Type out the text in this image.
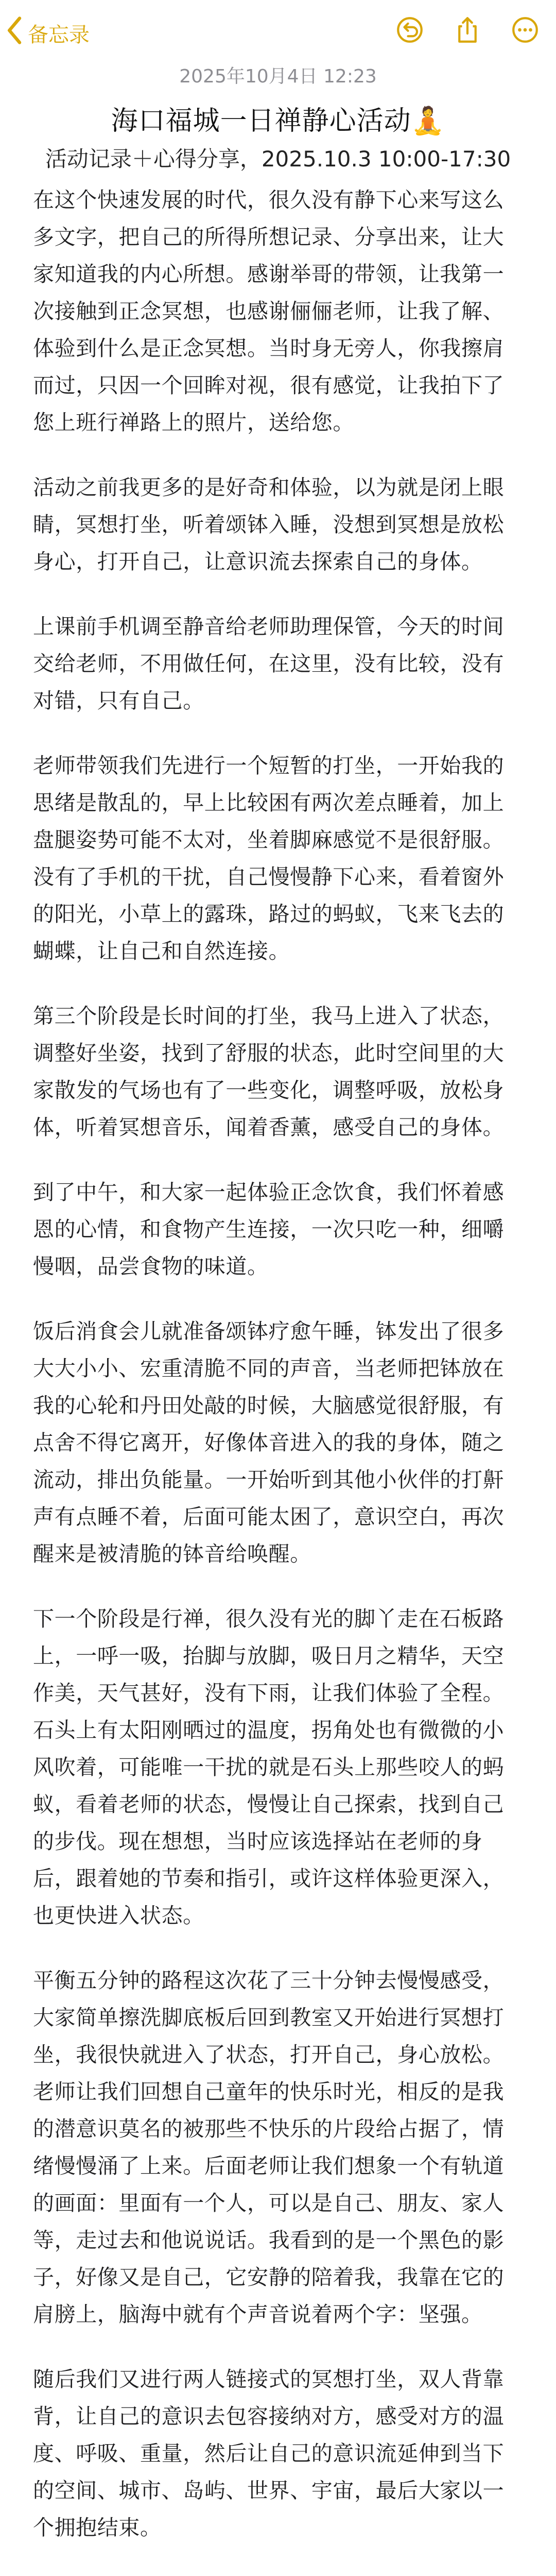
备忘录
2025年10月4日 12:23
海口福城一日禅静心活动🧘
活动记录＋心得分享，2025.10.3 10:00-17:30

在这个快速发展的时代，很久没有静下心来写这么多文字，把自己的所得所想记录、分享出来，让大家知道我的内心所想。感谢举哥的带领，让我第一次接触到正念冥想，也感谢俪俪老师，让我了解、体验到什么是正念冥想。当时身无旁人，你我擦肩而过，只因一个回眸对视，很有感觉，让我拍下了您上班行禅路上的照片，送给您。

活动之前我更多的是好奇和体验，以为就是闭上眼睛，冥想打坐，听着颂钵入睡，没想到冥想是放松身心，打开自己，让意识流去探索自己的身体。

上课前手机调至静音给老师助理保管，今天的时间交给老师，不用做任何，在这里，没有比较，没有对错，只有自己。

老师带领我们先进行一个短暂的打坐，一开始我的思绪是散乱的，早上比较困有两次差点睡着，加上盘腿姿势可能不太对，坐着脚麻感觉不是很舒服。没有了手机的干扰，自己慢慢静下心来，看着窗外的阳光，小草上的露珠，路过的蚂蚁，飞来飞去的蝴蝶，让自己和自然连接。

第三个阶段是长时间的打坐，我马上进入了状态，调整好坐姿，找到了舒服的状态，此时空间里的大家散发的气场也有了一些变化，调整呼吸，放松身体，听着冥想音乐，闻着香薰，感受自己的身体。

到了中午，和大家一起体验正念饮食，我们怀着感恩的心情，和食物产生连接，一次只吃一种，细嚼慢咽，品尝食物的味道。

饭后消食会儿就准备颂钵疗愈午睡，钵发出了很多大大小小、宏重清脆不同的声音，当老师把钵放在我的心轮和丹田处敲的时候，大脑感觉很舒服，有点舍不得它离开，好像体音进入的我的身体，随之流动，排出负能量。一开始听到其他小伙伴的打鼾声有点睡不着，后面可能太困了，意识空白，再次醒来是被清脆的钵音给唤醒。

下一个阶段是行禅，很久没有光的脚丫走在石板路上，一呼一吸，抬脚与放脚，吸日月之精华，天空作美，天气甚好，没有下雨，让我们体验了全程。石头上有太阳刚晒过的温度，拐角处也有微微的小风吹着，可能唯一干扰的就是石头上那些咬人的蚂蚁，看着老师的状态，慢慢让自己探索，找到自己的步伐。现在想想，当时应该选择站在老师的身后，跟着她的节奏和指引，或许这样体验更深入，也更快进入状态。

平衡五分钟的路程这次花了三十分钟去慢慢感受，大家简单擦洗脚底板后回到教室又开始进行冥想打坐，我很快就进入了状态，打开自己，身心放松。老师让我们回想自己童年的快乐时光，相反的是我的潜意识莫名的被那些不快乐的片段给占据了，情绪慢慢涌了上来。后面老师让我们想象一个有轨道的画面：里面有一个人，可以是自己、朋友、家人等，走过去和他说说话。我看到的是一个黑色的影子，好像又是自己，它安静的陪着我，我靠在它的肩膀上，脑海中就有个声音说着两个字：坚强。

随后我们又进行两人链接式的冥想打坐，双人背靠背，让自己的意识去包容接纳对方，感受对方的温度、呼吸、重量，然后让自己的意识流延伸到当下的空间、城市、岛屿、世界、宇宙，最后大家以一个拥抱结束。
